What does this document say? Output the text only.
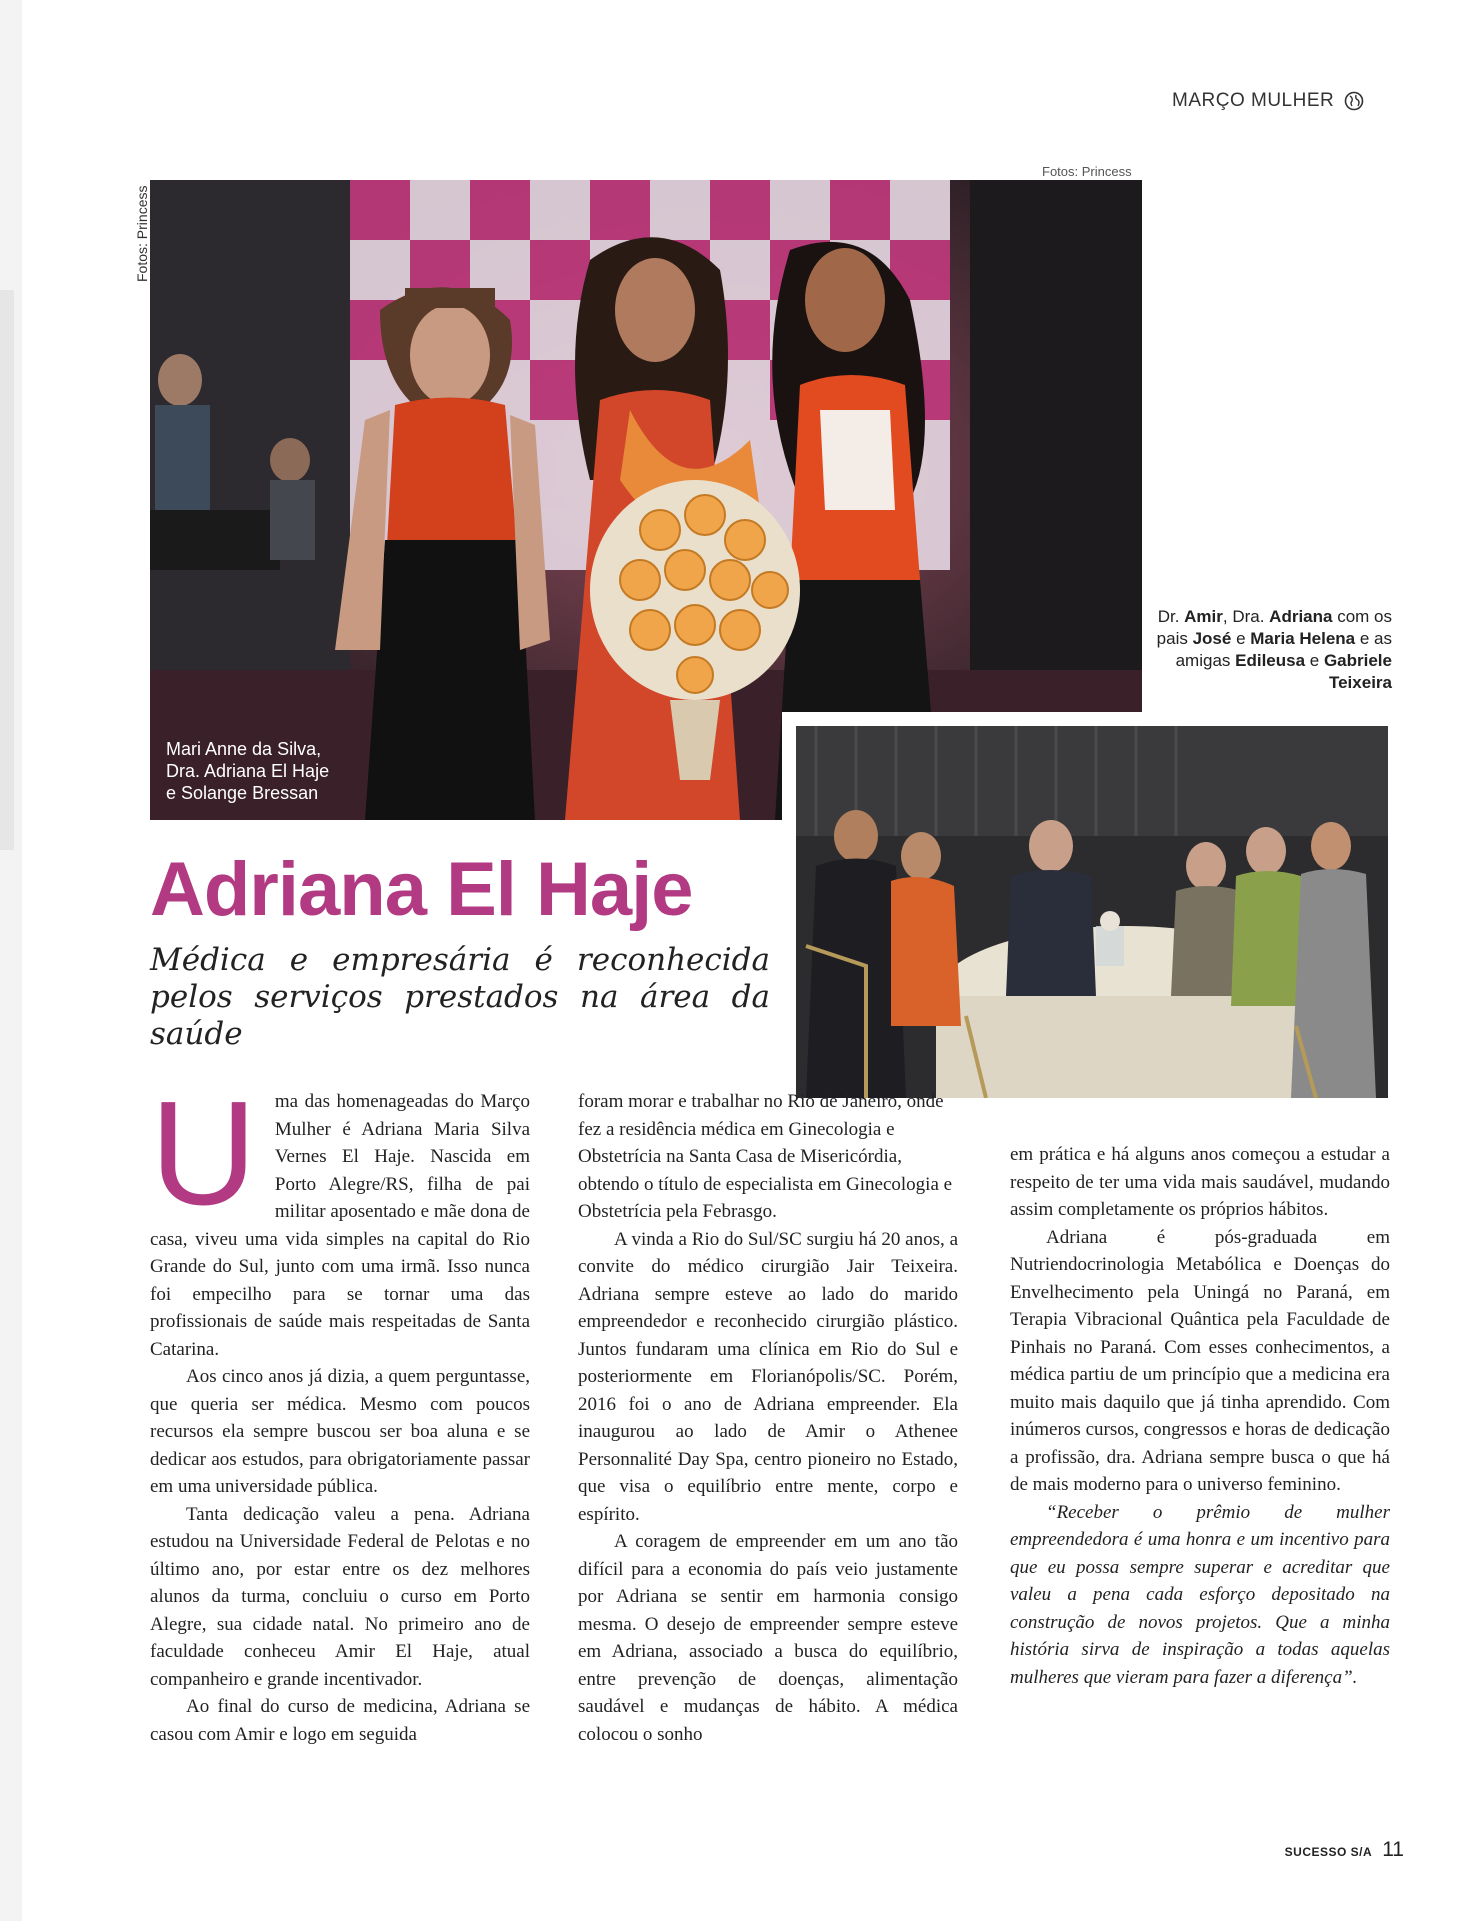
MARÇO MULHER
Fotos: Princess
Fotos: Princess
Mari Anne da Silva,
Dra. Adriana El Haje
e Solange Bressan
Dr. Amir, Dra. Adriana com os pais José e Maria Helena e as amigas Edileusa e Gabriele Teixeira
Adriana El Haje

Médica e empresária é reconhecida pelos serviços prestados na área da saúde

U ma das homenageadas do Março Mulher é Adriana Maria Silva Vernes El Haje. Nascida em Porto Alegre/RS, filha de pai militar aposentado e mãe dona de casa, viveu uma vida simples na capital do Rio Grande do Sul, junto com uma irmã. Isso nunca foi empecilho para se tornar uma das profissionais de saúde mais respeitadas de Santa Catarina.

Aos cinco anos já dizia, a quem perguntasse, que queria ser médica. Mesmo com poucos recursos ela sempre buscou ser boa aluna e se dedicar aos estudos, para obrigatoriamente passar em uma universidade pública.

Tanta dedicação valeu a pena. Adriana estudou na Universidade Federal de Pelotas e no último ano, por estar entre os dez melhores alunos da turma, concluiu o curso em Porto Alegre, sua cidade natal. No primeiro ano de faculdade conheceu Amir El Haje, atual companheiro e grande incentivador.

Ao final do curso de medicina, Adriana se casou com Amir e logo em seguida

foram morar e trabalhar no Rio de Janeiro, onde fez a residência médica em Ginecologia e Obstetrícia na Santa Casa de Misericórdia, obtendo o título de especialista em Ginecologia e Obstetrícia pela Febrasgo.

A vinda a Rio do Sul/SC surgiu há 20 anos, a convite do médico cirurgião Jair Teixeira. Adriana sempre esteve ao lado do marido empreendedor e reconhecido cirurgião plástico. Juntos fundaram uma clínica em Rio do Sul e posteriormente em Florianópolis/SC. Porém, 2016 foi o ano de Adriana empreender. Ela inaugurou ao lado de Amir o Athenee Personnalité Day Spa, centro pioneiro no Estado, que visa o equilíbrio entre mente, corpo e espírito.

A coragem de empreender em um ano tão difícil para a economia do país veio justamente por Adriana se sentir em harmonia consigo mesma. O desejo de empreender sempre esteve em Adriana, associado a busca do equilíbrio, entre prevenção de doenças, alimentação saudável e mudanças de hábito. A médica colocou o sonho

em prática e há alguns anos começou a estudar a respeito de ter uma vida mais saudável, mudando assim completamente os próprios hábitos.

Adriana é pós-graduada em Nutriendocrinologia Metabólica e Doenças do Envelhecimento pela Uningá no Paraná, em Terapia Vibracional Quântica pela Faculdade de Pinhais no Paraná. Com esses conhecimentos, a médica partiu de um princípio que a medicina era muito mais daquilo que já tinha aprendido. Com inúmeros cursos, congressos e horas de dedicação a profissão, dra. Adriana sempre busca o que há de mais moderno para o universo feminino.

“Receber o prêmio de mulher empreendedora é uma honra e um incentivo para que eu possa sempre superar e acreditar que valeu a pena cada esforço depositado na construção de novos projetos. Que a minha história sirva de inspiração a todas aquelas mulheres que vieram para fazer a diferença”.

SUCESSO S/A 11
